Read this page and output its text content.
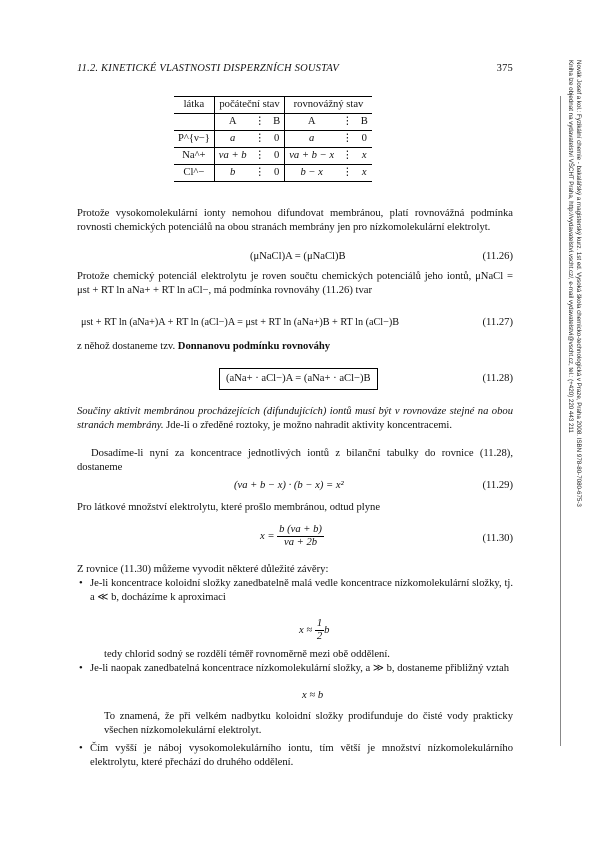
11.2. KINETICKÉ VLASTNOSTI DISPERZNÍCH SOUSTAV	375	Novák Josef a kol.: Fyzikální chemie - bakalářský a magisterský kurz. 1st ed. Vysoká škola chemicko-technologická v Praze, Praha 2008. ISBN 978-80-7080-675-3
Kniha lze objednat na vydavatelství VŠCHT Praha, http://vydavatelstvi.vscht.cz/, e-mail vydavatelstvi@vscht.cz, tel.: (+420) 220 443 211
látka	počáteční stav			rovnovážný stav		
	A	⋮	B	A	⋮	B
P^{ν−}	a	⋮	0	a	⋮	0
Na^+	νa + b	⋮	0	νa + b − x	⋮	x
Cl^−	b	⋮	0	b − x	⋮	x
Protože vysokomolekulární ionty nemohou difundovat membránou, platí rovnovážná podmínka rovnosti chemických potenciálů na obou stranách membrány jen pro nízkomolekulární elektrolyt.
(μNaCl)A = (μNaCl)B	(11.26)
Protože chemický potenciál elektrolytu je roven součtu chemických potenciálů jeho iontů, μNaCl = μst + RT ln aNa+ + RT ln aCl−, má podmínka rovnováhy (11.26) tvar
μst + RT ln (aNa+)A + RT ln (aCl−)A = μst + RT ln (aNa+)B + RT ln (aCl−)B	(11.27)
z něhož dostaneme tzv. Donnanovu podmínku rovnováhy
(aNa+ · aCl−)A = (aNa+ · aCl−)B	(11.28)
Součiny aktivit membránou procházejících (difundujících) iontů musí být v rovnováze stejné na obou stranách membrány. Jde-li o zředěné roztoky, je možno nahradit aktivity koncentracemi.
Dosadíme-li nyní za koncentrace jednotlivých iontů z bilanční tabulky do rovnice (11.28), dostaneme
(νa + b − x) · (b − x) = x²	(11.29)
Pro látkové množství elektrolytu, které prošlo membránou, odtud plyne
$x = \frac{b (\nu a + b)}{\nu a + 2b}$	(11.30)
Z rovnice (11.30) můžeme vyvodit některé důležité závěry:
• Je-li koncentrace koloidní složky zanedbatelně malá vedle koncentrace nízkomolekulární složky, tj. a ≪ b, docházíme k aproximaci
$x \approx \frac{1}{2}$ b
tedy chlorid sodný se rozdělí téměř rovnoměrně mezi obě oddělení.
• Je-li naopak zanedbatelná koncentrace nízkomolekulární složky, a ≫ b, dostaneme přibližný vztah
x ≈ b
To znamená, že při velkém nadbytku koloidní složky prodifunduje do čisté vody prakticky všechen nízkomolekulární elektrolyt.
• Čím vyšší je náboj vysokomolekulárního iontu, tím větší je množství nízkomolekulárního elektrolytu, které přechází do druhého oddělení.
